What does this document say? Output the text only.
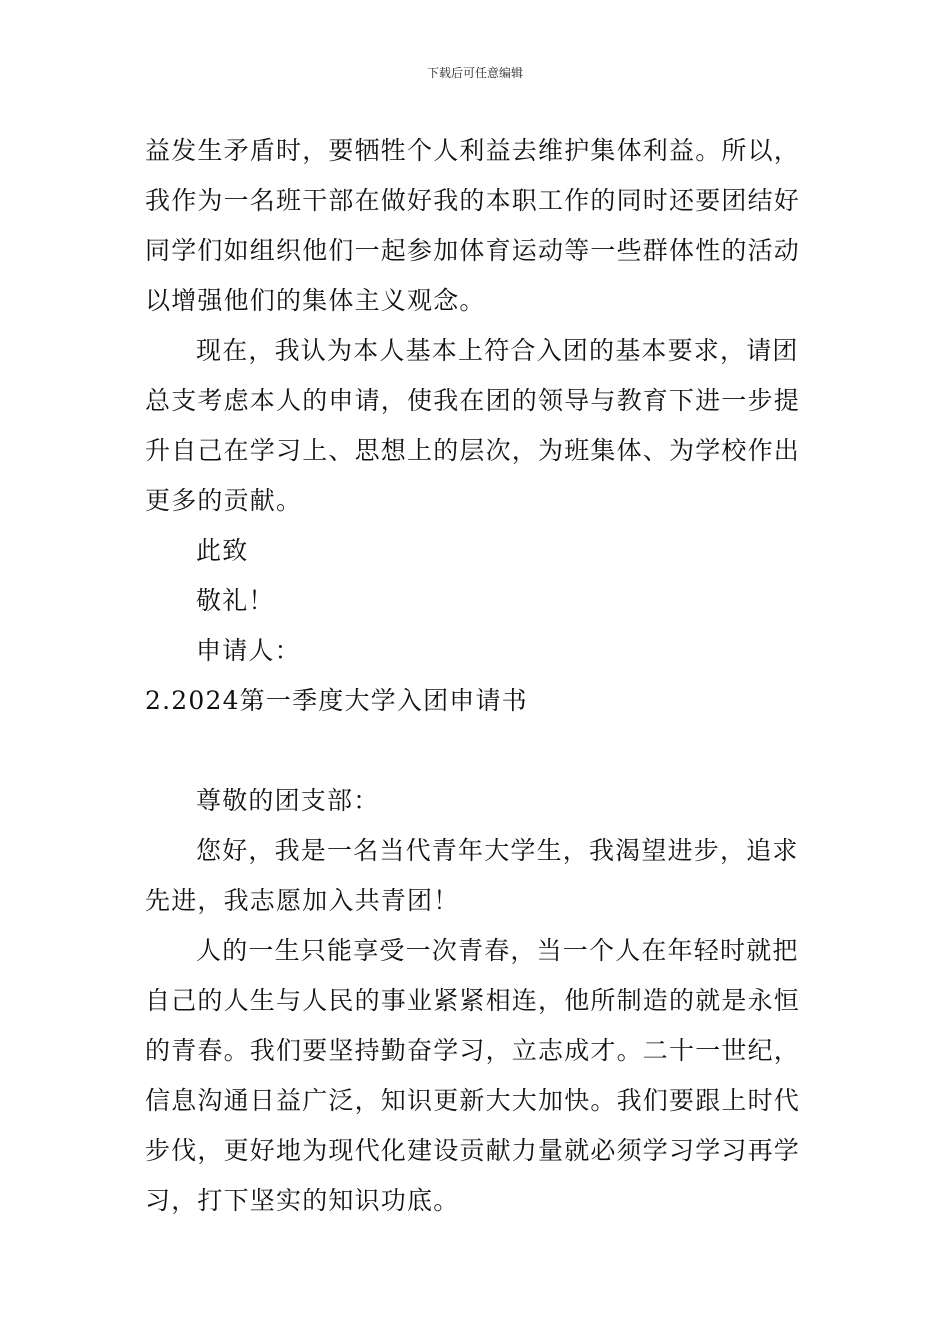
下载后可任意编辑

益发生矛盾时，要牺牲个人利益去维护集体利益。所以，

我作为一名班干部在做好我的本职工作的同时还要团结好

同学们如组织他们一起参加体育运动等一些群体性的活动

以增强他们的集体主义观念。

现在，我认为本人基本上符合入团的基本要求，请团

总支考虑本人的申请，使我在团的领导与教育下进一步提

升自己在学习上、思想上的层次，为班集体、为学校作出

更多的贡献。

此致

敬礼！

申请人：

2.2024第一季度大学入团申请书

尊敬的团支部：

您好，我是一名当代青年大学生，我渴望进步，追求

先进，我志愿加入共青团！

人的一生只能享受一次青春，当一个人在年轻时就把

自己的人生与人民的事业紧紧相连，他所制造的就是永恒

的青春。我们要坚持勤奋学习，立志成才。二十一世纪，

信息沟通日益广泛，知识更新大大加快。我们要跟上时代

步伐，更好地为现代化建设贡献力量就必须学习学习再学

习，打下坚实的知识功底。
